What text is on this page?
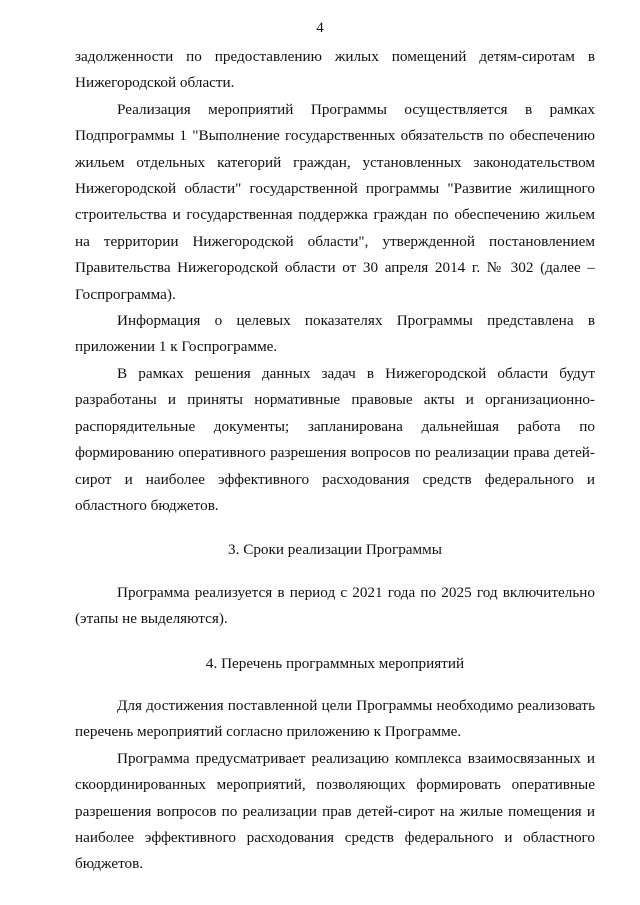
4

задолженности по предоставлению жилых помещений детям-сиротам в Нижегородской области.

Реализация мероприятий Программы осуществляется в рамках Подпрограммы 1 "Выполнение государственных обязательств по обеспечению жильем отдельных категорий граждан, установленных законодательством Нижегородской области" государственной программы "Развитие жилищного строительства и государственная поддержка граждан по обеспечению жильем на территории Нижегородской области", утвержденной постановлением Правительства Нижегородской области от 30 апреля 2014 г. № 302 (далее – Госпрограмма).

Информация о целевых показателях Программы представлена в приложении 1 к Госпрограмме.

В рамках решения данных задач в Нижегородской области будут разработаны и приняты нормативные правовые акты и организационно-распорядительные документы; запланирована дальнейшая работа по формированию оперативного разрешения вопросов по реализации права детей-сирот и наиболее эффективного расходования средств федерального и областного бюджетов.

3. Сроки реализации Программы

Программа реализуется в период с 2021 года по 2025 год включительно (этапы не выделяются).

4. Перечень программных мероприятий

Для достижения поставленной цели Программы необходимо реализовать перечень мероприятий согласно приложению к Программе.

Программа предусматривает реализацию комплекса взаимосвязанных и скоординированных мероприятий, позволяющих формировать оперативные разрешения вопросов по реализации прав детей-сирот на жилые помещения и наиболее эффективного расходования средств федерального и областного бюджетов.
